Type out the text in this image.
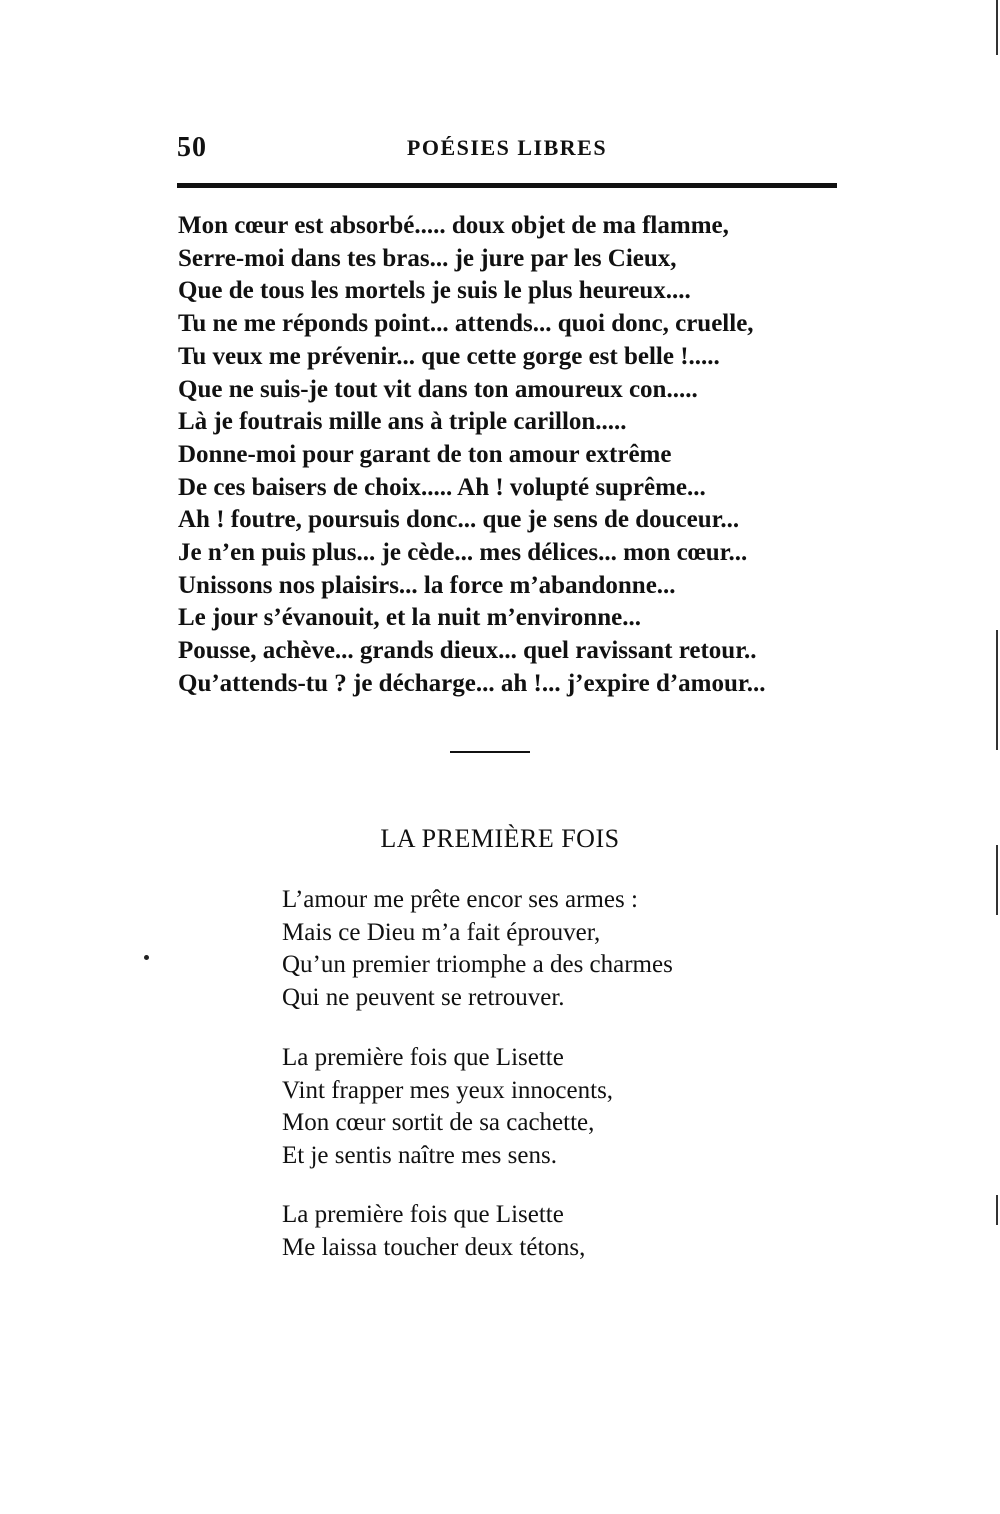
50	POÉSIES LIBRES
Mon cœur est absorbé..... doux objet de ma flamme,
Serre-moi dans tes bras... je jure par les Cieux,
Que de tous les mortels je suis le plus heureux....
Tu ne me réponds point... attends... quoi donc, cruelle,
Tu veux me prévenir... que cette gorge est belle !.....
Que ne suis-je tout vit dans ton amoureux con.....
Là je foutrais mille ans à triple carillon.....
Donne-moi pour garant de ton amour extrême
De ces baisers de choix..... Ah ! volupté suprême...
Ah ! foutre, poursuis donc... que je sens de douceur...
Je n’en puis plus... je cède... mes délices... mon cœur...
Unissons nos plaisirs... la force m’abandonne...
Le jour s’évanouit, et la nuit m’environne...
Pousse, achève... grands dieux... quel ravissant retour..
Qu’attends-tu ? je décharge... ah !... j’expire d’amour...
LA PREMIÈRE FOIS
L’amour me prête encor ses armes :
Mais ce Dieu m’a fait éprouver,
Qu’un premier triomphe a des charmes
Qui ne peuvent se retrouver.
La première fois que Lisette
Vint frapper mes yeux innocents,
Mon cœur sortit de sa cachette,
Et je sentis naître mes sens.
La première fois que Lisette
Me laissa toucher deux tétons,
